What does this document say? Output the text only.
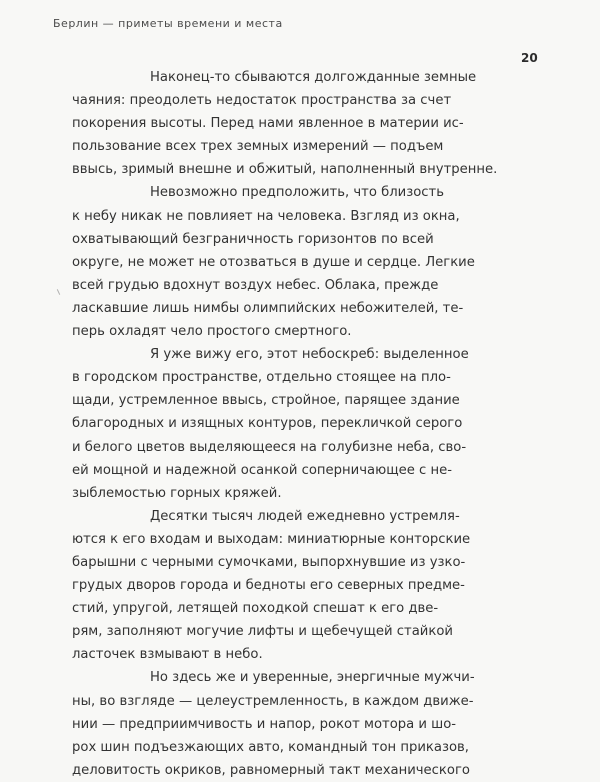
Берлин — приметы времени и места
20
Наконец-то сбываются долгожданные земные
чаяния: преодолеть недостаток пространства за счет
покорения высоты. Перед нами явленное в материи ис-
пользование всех трех земных измерений — подъем
ввысь, зримый внешне и обжитый, наполненный внутренне.
Невозможно предположить, что близость
к небу никак не повлияет на человека. Взгляд из окна,
охватывающий безграничность горизонтов по всей
округе, не может не отозваться в душе и сердце. Легкие
всей грудью вдохнут воздух небес. Облака, прежде
ласкавшие лишь нимбы олимпийских небожителей, те-
перь охладят чело простого смертного.
Я уже вижу его, этот небоскреб: выделенное
в городском пространстве, отдельно стоящее на пло-
щади, устремленное ввысь, стройное, парящее здание
благородных и изящных контуров, перекличкой серого
и белого цветов выделяющееся на голубизне неба, сво-
ей мощной и надежной осанкой соперничающее с не-
зыблемостью горных кряжей.
Десятки тысяч людей ежедневно устремля-
ются к его входам и выходам: миниатюрные конторские
барышни с черными сумочками, выпорхнувшие из узко-
грудых дворов города и бедноты его северных предме-
стий, упругой, летящей походкой спешат к его две-
рям, заполняют могучие лифты и щебечущей стайкой
ласточек взмывают в небо.
Но здесь же и уверенные, энергичные мужчи-
ны, во взгляде — целеустремленность, в каждом движе-
нии — предприимчивость и напор, рокот мотора и шо-
рох шин подъезжающих авто, командный тон приказов,
деловитость окриков, равномерный такт механического
